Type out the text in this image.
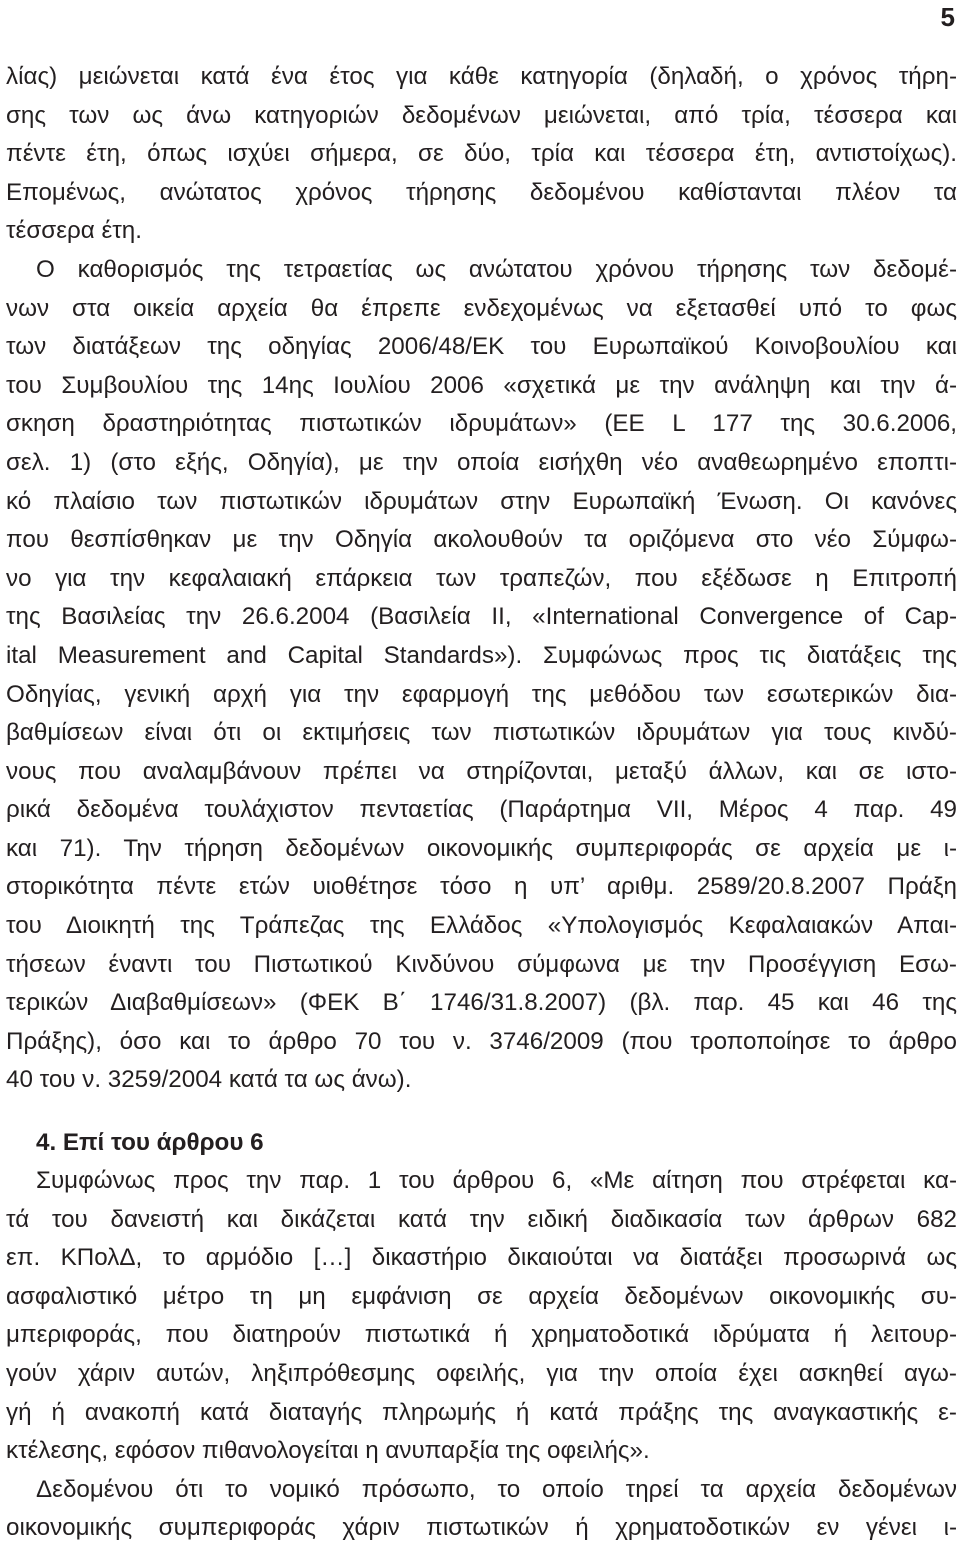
5
λίας) μειώνεται κατά ένα έτος για κάθε κατηγορία (δηλαδή, ο χρόνος τήρη-
σης των ως άνω κατηγοριών δεδομένων μειώνεται, από τρία, τέσσερα και
πέντε έτη, όπως ισχύει σήμερα, σε δύο, τρία και τέσσερα έτη, αντιστοίχως).
Επομένως, ανώτατος χρόνος τήρησης δεδομένου καθίστανται πλέον τα
τέσσερα έτη.
Ο καθορισμός της τετραετίας ως ανώτατου χρόνου τήρησης των δεδομέ-
νων στα οικεία αρχεία θα έπρεπε ενδεχομένως να εξετασθεί υπό το φως
των διατάξεων της οδηγίας 2006/48/ΕΚ του Ευρωπαϊκού Κοινοβουλίου και
του Συμβουλίου της 14ης Ιουλίου 2006 «σχετικά με την ανάληψη και την ά-
σκηση δραστηριότητας πιστωτικών ιδρυμάτων» (ΕΕ L 177 της 30.6.2006,
σελ. 1) (στο εξής, Οδηγία), με την οποία εισήχθη νέο αναθεωρημένο εποπτι-
κό πλαίσιο των πιστωτικών ιδρυμάτων στην Ευρωπαϊκή Ένωση. Οι κανόνες
που θεσπίσθηκαν με την Οδηγία ακολουθούν τα οριζόμενα στο νέο Σύμφω-
νο για την κεφαλαιακή επάρκεια των τραπεζών, που εξέδωσε η Επιτροπή
της Βασιλείας την 26.6.2004 (Βασιλεία ΙΙ, «International Convergence of Cap-
ital Measurement and Capital Standards»). Συμφώνως προς τις διατάξεις της
Οδηγίας, γενική αρχή για την εφαρμογή της μεθόδου των εσωτερικών δια-
βαθμίσεων είναι ότι οι εκτιμήσεις των πιστωτικών ιδρυμάτων για τους κινδύ-
νους που αναλαμβάνουν πρέπει να στηρίζονται, μεταξύ άλλων, και σε ιστο-
ρικά δεδομένα τουλάχιστον πενταετίας (Παράρτημα VII, Μέρος 4 παρ. 49
και 71). Την τήρηση δεδομένων οικονομικής συμπεριφοράς σε αρχεία με ι-
στορικότητα πέντε ετών υιοθέτησε τόσο η υπ’ αριθμ. 2589/20.8.2007 Πράξη
του Διοικητή της Τράπεζας της Ελλάδος «Υπολογισμός Κεφαλαιακών Απαι-
τήσεων έναντι του Πιστωτικού Κινδύνου σύμφωνα με την Προσέγγιση Εσω-
τερικών Διαβαθμίσεων» (ΦΕΚ Β΄ 1746/31.8.2007) (βλ. παρ. 45 και 46 της
Πράξης), όσο και το άρθρο 70 του ν. 3746/2009 (που τροποποίησε το άρθρο
40 του ν. 3259/2004 κατά τα ως άνω).
4. Επί του άρθρου 6
Συμφώνως προς την παρ. 1 του άρθρου 6, «Με αίτηση που στρέφεται κα-
τά του δανειστή και δικάζεται κατά την ειδική διαδικασία των άρθρων 682
επ. ΚΠολΔ, το αρμόδιο […] δικαστήριο δικαιούται να διατάξει προσωρινά ως
ασφαλιστικό μέτρο τη μη εμφάνιση σε αρχεία δεδομένων οικονομικής συ-
μπεριφοράς, που διατηρούν πιστωτικά ή χρηματοδοτικά ιδρύματα ή λειτουρ-
γούν χάριν αυτών, ληξιπρόθεσμης οφειλής, για την οποία έχει ασκηθεί αγω-
γή ή ανακοπή κατά διαταγής πληρωμής ή κατά πράξης της αναγκαστικής ε-
κτέλεσης, εφόσον πιθανολογείται η ανυπαρξία της οφειλής».
Δεδομένου ότι το νομικό πρόσωπο, το οποίο τηρεί τα αρχεία δεδομένων
οικονομικής συμπεριφοράς χάριν πιστωτικών ή χρηματοδοτικών εν γένει ι-
